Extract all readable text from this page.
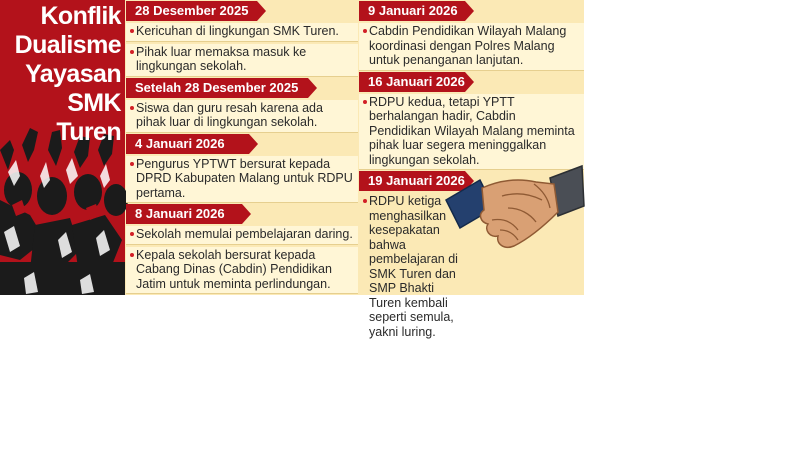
Konflik
Dualisme
Yayasan
SMK Turen
28 Desember 2025
Kericuhan di lingkungan SMK Turen.
Pihak luar memaksa masuk ke lingkungan sekolah.
Setelah 28 Desember 2025
Siswa dan guru resah karena ada pihak luar di lingkungan sekolah.
4 Januari 2026
Pengurus YPTWT bersurat kepada DPRD Kabupaten Malang untuk RDPU pertama.
8 Januari 2026
Sekolah memulai pembelajaran daring.
Kepala sekolah bersurat kepada Cabang Dinas (Cabdin) Pendidikan Jatim untuk meminta perlindungan.
9 Januari 2026
Cabdin Pendidikan Wilayah Malang koordinasi dengan Polres Malang untuk penanganan lanjutan.
16 Januari 2026
RDPU kedua, tetapi YPTT berhalangan hadir, Cabdin Pendidikan Wilayah Malang meminta pihak luar segera meninggalkan lingkungan sekolah.
19 Januari 2026
RDPU ketiga menghasilkan kesepakatan bahwa pembelajaran di SMK Turen dan SMP Bhakti Turen kembali seperti semula, yakni luring.
